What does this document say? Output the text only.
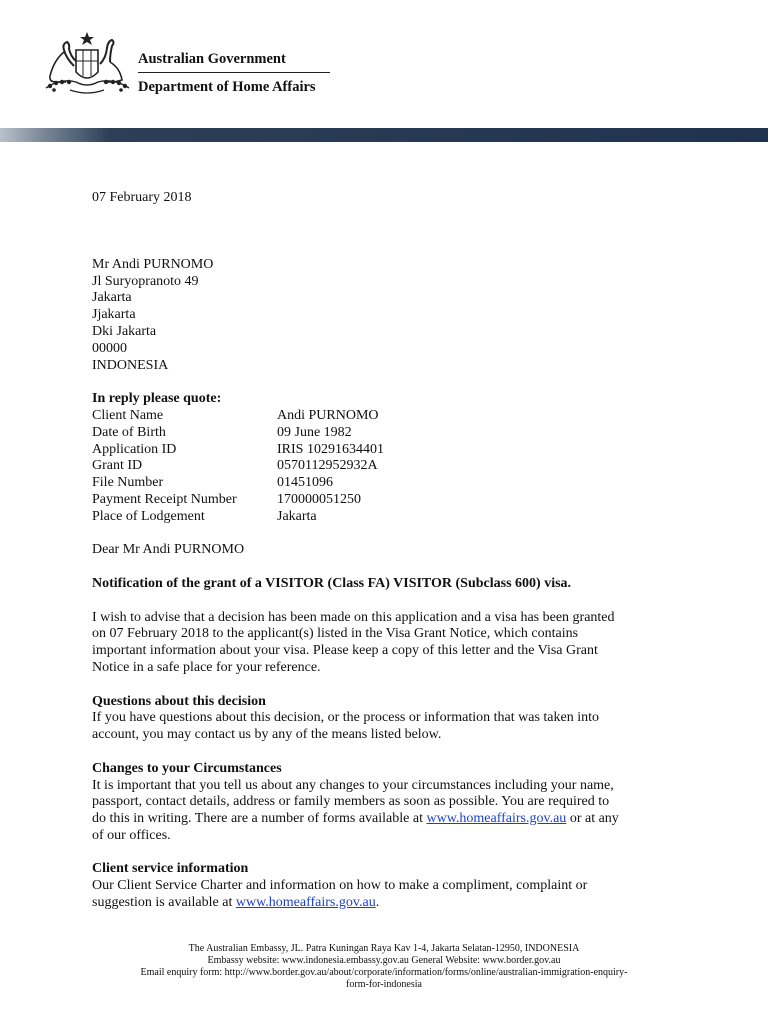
Australian Government
Department of Home Affairs
07 February 2018
Mr Andi PURNOMO
Jl Suryopranoto 49
Jakarta
Jjakarta
Dki Jakarta
00000
INDONESIA
In reply please quote:
Client Name	Andi PURNOMO
Date of Birth	09 June 1982
Application ID	IRIS 10291634401
Grant ID	0570112952932A
File Number	01451096
Payment Receipt Number	170000051250
Place of Lodgement	Jakarta
Dear Mr Andi PURNOMO
Notification of the grant of a VISITOR (Class FA) VISITOR (Subclass 600) visa.
I wish to advise that a decision has been made on this application and a visa has been granted
on 07 February 2018 to the applicant(s) listed in the Visa Grant Notice, which contains
important information about your visa. Please keep a copy of this letter and the Visa Grant
Notice in a safe place for your reference.
Questions about this decision
If you have questions about this decision, or the process or information that was taken into
account, you may contact us by any of the means listed below.
Changes to your Circumstances
It is important that you tell us about any changes to your circumstances including your name,
passport, contact details, address or family members as soon as possible. You are required to
do this in writing. There are a number of forms available at www.homeaffairs.gov.au or at any
of our offices.
Client service information
Our Client Service Charter and information on how to make a compliment, complaint or
suggestion is available at www.homeaffairs.gov.au.
The Australian Embassy, JL. Patra Kuningan Raya Kav 1-4, Jakarta Selatan-12950, INDONESIA
Embassy website: www.indonesia.embassy.gov.au General Website: www.border.gov.au
Email enquiry form: http://www.border.gov.au/about/corporate/information/forms/online/australian-immigration-enquiry-
form-for-indonesia
